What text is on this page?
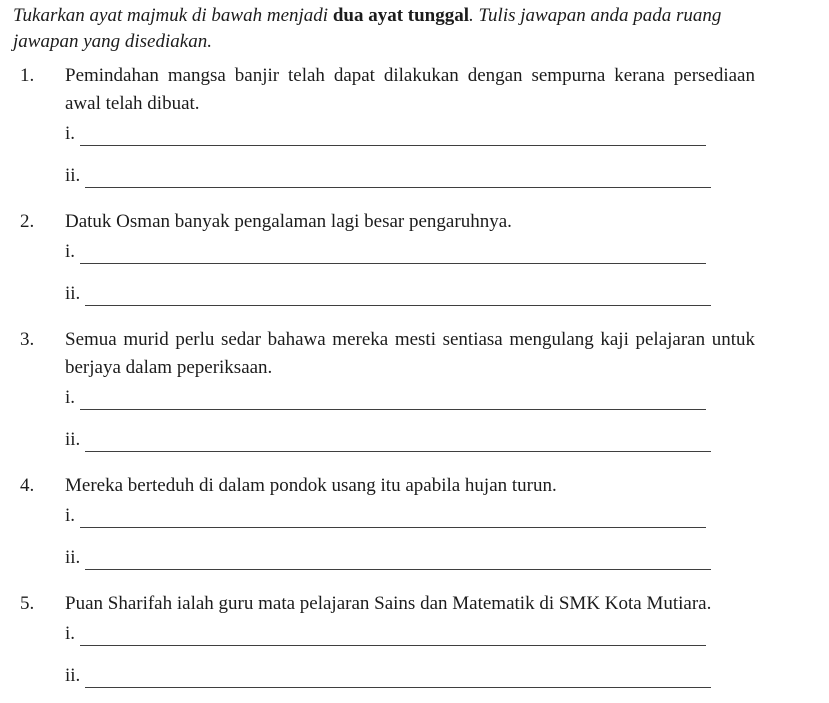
Tukarkan ayat majmuk di bawah menjadi dua ayat tunggal. Tulis jawapan anda pada ruang
jawapan yang disediakan.
1.	Pemindahan mangsa banjir telah dapat dilakukan dengan sempurna kerana persediaan awal telah dibuat.

i.
ii.
2.	Datuk Osman banyak pengalaman lagi besar pengaruhnya.

i.
ii.
3.	Semua murid perlu sedar bahawa mereka mesti sentiasa mengulang kaji pelajaran untuk berjaya dalam peperiksaan.

i.
ii.
4.	Mereka berteduh di dalam pondok usang itu apabila hujan turun.

i.
ii.
5.	Puan Sharifah ialah guru mata pelajaran Sains dan Matematik di SMK Kota Mutiara.

i.
ii.
